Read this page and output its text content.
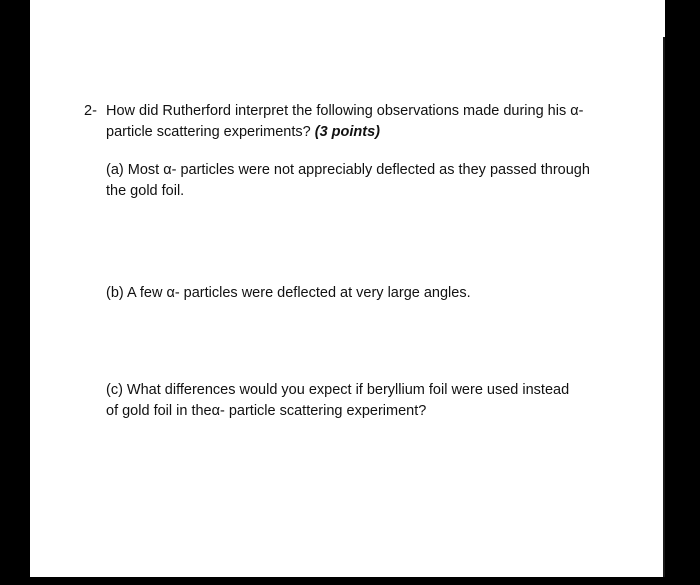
2- How did Rutherford interpret the following observations made during his α-
particle scattering experiments? (3 points)
(a) Most α- particles were not appreciably deflected as they passed through
the gold foil.
(b) A few α- particles were deflected at very large angles.
(c) What differences would you expect if beryllium foil were used instead
of gold foil in theα- particle scattering experiment?
